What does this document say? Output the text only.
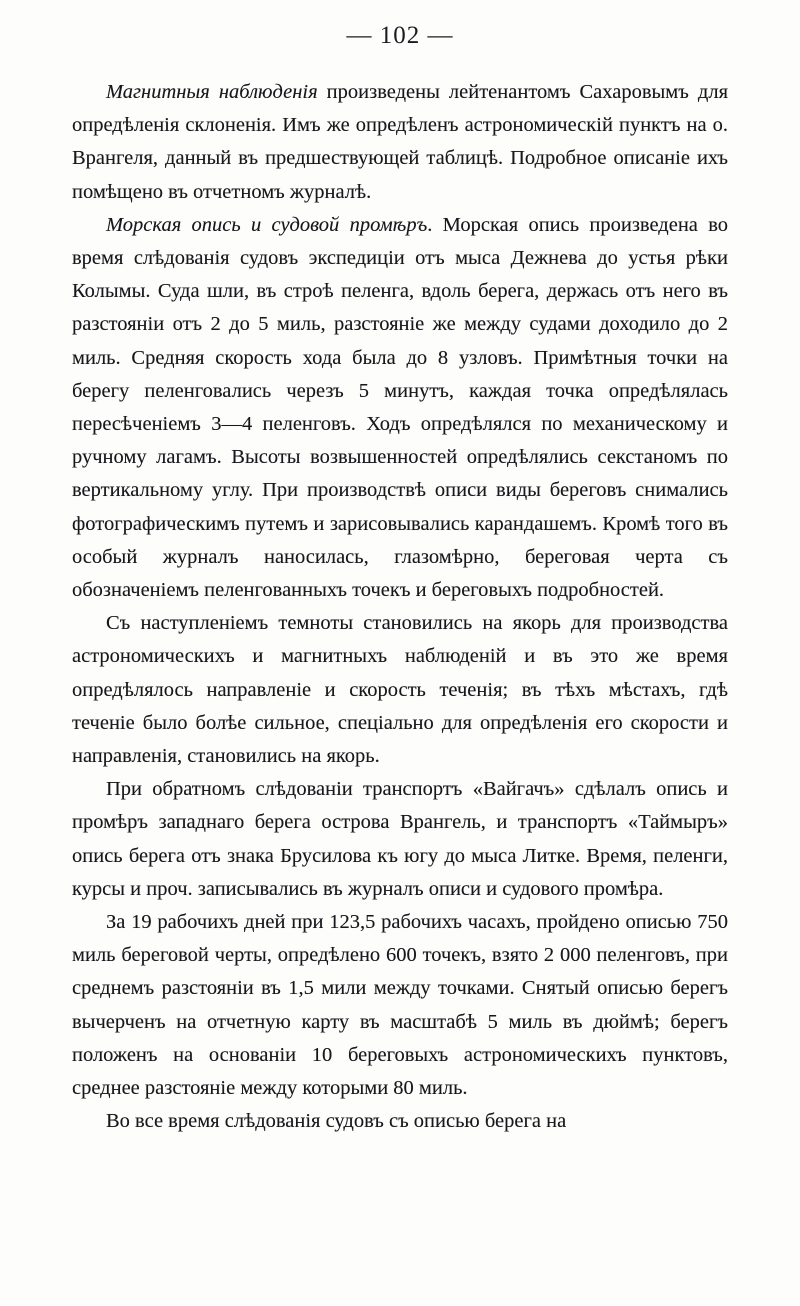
— 102 —

Магнитныя наблюденія произведены лейтенантомъ Сахаровымъ для опредѣленія склоненія. Имъ же опредѣленъ астрономическій пунктъ на о. Врангеля, данный въ предшествующей таблицѣ. Подробное описаніе ихъ помѣщено въ отчетномъ журналѣ.

Морская опись и судовой промѣръ. Морская опись произведена во время слѣдованія судовъ экспедиціи отъ мыса Дежнева до устья рѣки Колымы. Суда шли, въ строѣ пеленга, вдоль берега, держась отъ него въ разстояніи отъ 2 до 5 миль, разстояніе же между судами доходило до 2 миль. Средняя скорость хода была до 8 узловъ. Примѣтныя точки на берегу пеленговались черезъ 5 минутъ, каждая точка опредѣлялась пересѣченіемъ 3—4 пеленговъ. Ходъ опредѣлялся по механическому и ручному лагамъ. Высоты возвышенностей опредѣлялись секстаномъ по вертикальному углу. При производствѣ описи виды береговъ снимались фотографическимъ путемъ и зарисовывались карандашемъ. Кромѣ того въ особый журналъ наносилась, глазомѣрно, береговая черта съ обозначеніемъ пеленгованныхъ точекъ и береговыхъ подробностей.

Съ наступленіемъ темноты становились на якорь для производства астрономическихъ и магнитныхъ наблюденій и въ это же время опредѣлялось направленіе и скорость теченія; въ тѣхъ мѣстахъ, гдѣ теченіе было болѣе сильное, спеціально для опредѣленія его скорости и направленія, становились на якорь.

При обратномъ слѣдованіи транспортъ «Вайгачъ» сдѣлалъ опись и промѣръ западнаго берега острова Врангель, и транспортъ «Таймыръ» опись берега отъ знака Брусилова къ югу до мыса Литке. Время, пеленги, курсы и проч. записывались въ журналъ описи и судового промѣра.

За 19 рабочихъ дней при 123,5 рабочихъ часахъ, пройдено описью 750 миль береговой черты, опредѣлено 600 точекъ, взято 2 000 пеленговъ, при среднемъ разстояніи въ 1,5 мили между точками. Снятый описью берегъ вычерченъ на отчетную карту въ масштабѣ 5 миль въ дюймѣ; берегъ положенъ на основаніи 10 береговыхъ астрономическихъ пунктовъ, среднее разстояніе между которыми 80 миль.

Во все время слѣдованія судовъ съ описью берега на
